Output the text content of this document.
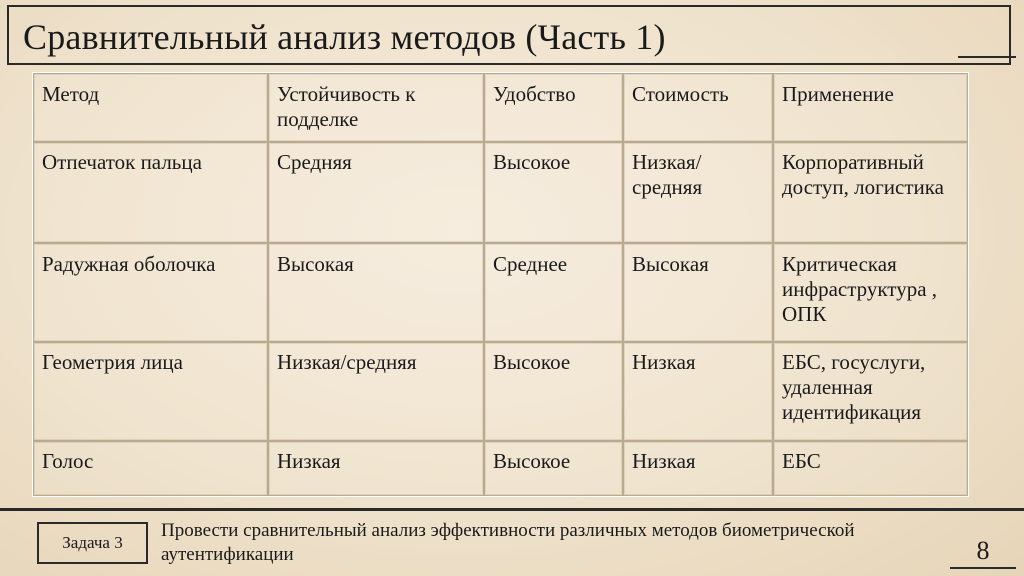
Сравнительный анализ методов (Часть 1)
Метод	Устойчивость к подделке	Удобство	Стоимость	Применение
Отпечаток пальца	Средняя	Высокое	Низкая/ средняя	Корпоративный доступ, логистика
Радужная оболочка	Высокая	Среднее	Высокая	Критическая инфраструктура , ОПК
Геометрия лица	Низкая/средняя	Высокое	Низкая	ЕБС, госуслуги, удаленная идентификация
Голос	Низкая	Высокое	Низкая	ЕБС
Задача 3
Провести сравнительный анализ эффективности различных методов биометрической аутентификации	8
